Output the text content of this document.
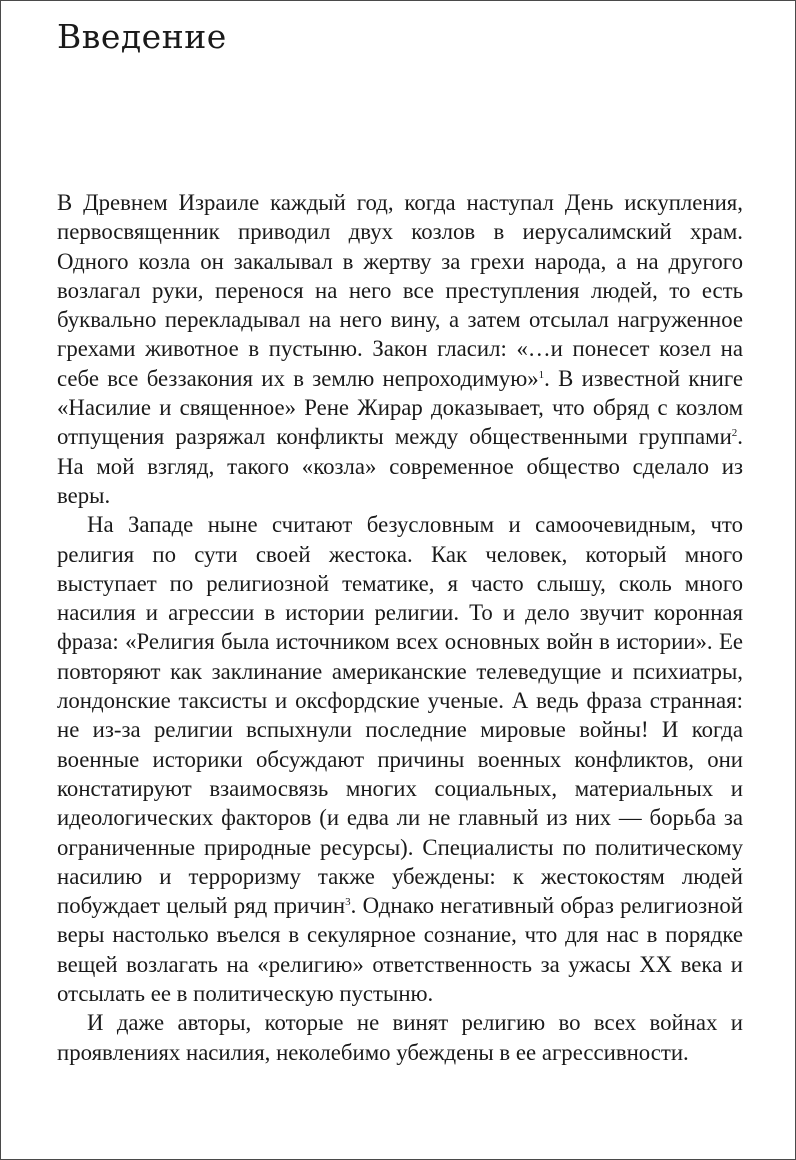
Введение

В Древнем Израиле каждый год, когда наступал День искупления, первосвященник приводил двух козлов в иерусалимский храм. Одного козла он закалывал в жертву за грехи народа, а на другого возлагал руки, перенося на него все преступления людей, то есть буквально перекладывал на него вину, а затем отсылал нагруженное грехами животное в пустыню. Закон гласил: «…и понесет козел на себе все беззакония их в землю непроходимую»$^1$. В известной книге «Насилие и священное» Рене Жирар доказывает, что обряд с козлом отпущения разряжал конфликты между общественными группами$^2$. На мой взгляд, такого «козла» современное общество сделало из веры.

На Западе ныне считают безусловным и самоочевидным, что религия по сути своей жестока. Как человек, который много выступает по религиозной тематике, я часто слышу, сколь много насилия и агрессии в истории религии. То и дело звучит коронная фраза: «Религия была источником всех основных войн в истории». Ее повторяют как заклинание американские телеведущие и психиатры, лондонские таксисты и оксфордские ученые. А ведь фраза странная: не из-за религии вспыхнули последние мировые войны! И когда военные историки обсуждают причины военных конфликтов, они констатируют взаимосвязь многих социальных, материальных и идеологических факторов (и едва ли не главный из них — борьба за ограниченные природные ресурсы). Специалисты по политическому насилию и терроризму также убеждены: к жестокостям людей побуждает целый ряд причин$^3$. Однако негативный образ религиозной веры настолько въелся в секулярное сознание, что для нас в порядке вещей возлагать на «религию» ответственность за ужасы XX века и отсылать ее в политическую пустыню.

И даже авторы, которые не винят религию во всех войнах и проявлениях насилия, неколебимо убеждены в ее агрессивности.
